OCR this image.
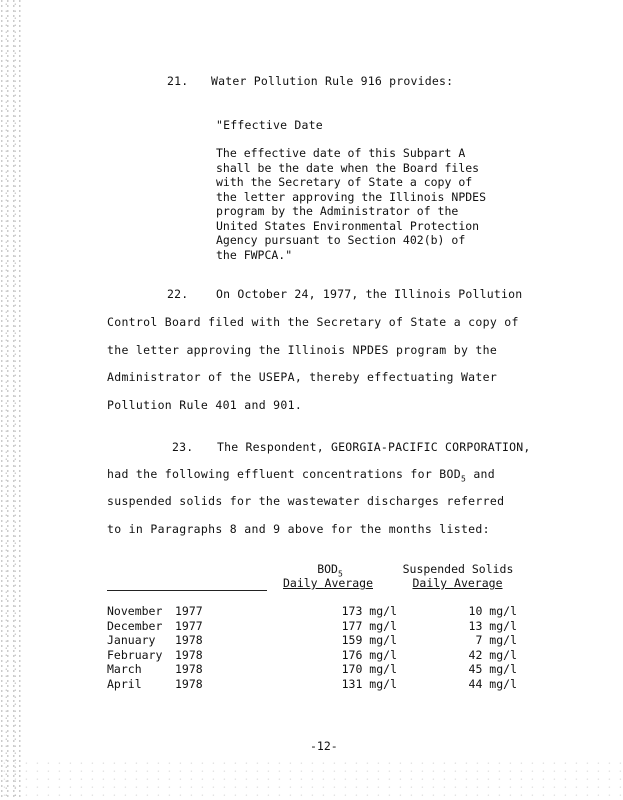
21. Water Pollution Rule 916 provides:
"Effective Date
The effective date of this Subpart A
shall be the date when the Board files
with the Secretary of State a copy of
the letter approving the Illinois NPDES
program by the Administrator of the
United States Environmental Protection
Agency pursuant to Section 402(b) of
the FWPCA."
22. On October 24, 1977, the Illinois Pollution
Control Board filed with the Secretary of State a copy of
the letter approving the Illinois NPDES program by the
Administrator of the USEPA, thereby effectuating Water
Pollution Rule 401 and 901.
23. The Respondent, GEORGIA-PACIFIC CORPORATION,
had the following effluent concentrations for $BOD_5$ and
suspended solids for the wastewater discharges referred
to in Paragraphs 8 and 9 above for the months listed:
$BOD_5$
Daily Average
Suspended Solids
Daily Average
November	1977	173 mg/l	10 mg/l
December	1977	177 mg/l	13 mg/l
January	1978	159 mg/l	7 mg/l
February	1978	176 mg/l	42 mg/l
March	1978	170 mg/l	45 mg/l
April	1978	131 mg/l	44 mg/l
-12-
